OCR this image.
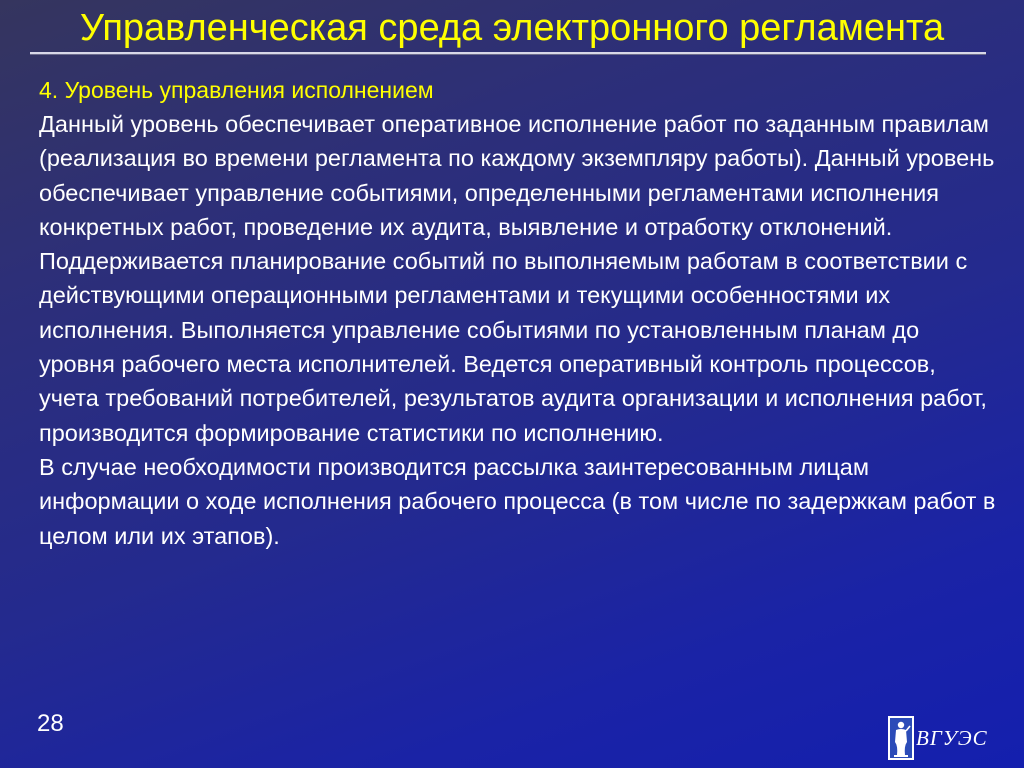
Управленческая среда электронного регламента
4. Уровень управления исполнением

Данный уровень обеспечивает оперативное исполнение работ по заданным правилам (реализация во времени регламента по каждому экземпляру работы). Данный уровень обеспечивает управление событиями, определенными регламентами исполнения конкретных работ, проведение их аудита, выявление и отработку отклонений. Поддерживается планирование событий по выполняемым работам в соответствии с действующими операционными регламентами и текущими особенностями их исполнения. Выполняется управление событиями по установленным планам до уровня рабочего места исполнителей. Ведется оперативный контроль процессов, учета требований потребителей, результатов аудита организации и исполнения работ, производится формирование статистики по исполнению.

В случае необходимости производится рассылка заинтересованным лицам информации о ходе исполнения рабочего процесса (в том числе по задержкам работ в целом или их этапов).

28
ВГУЭС
